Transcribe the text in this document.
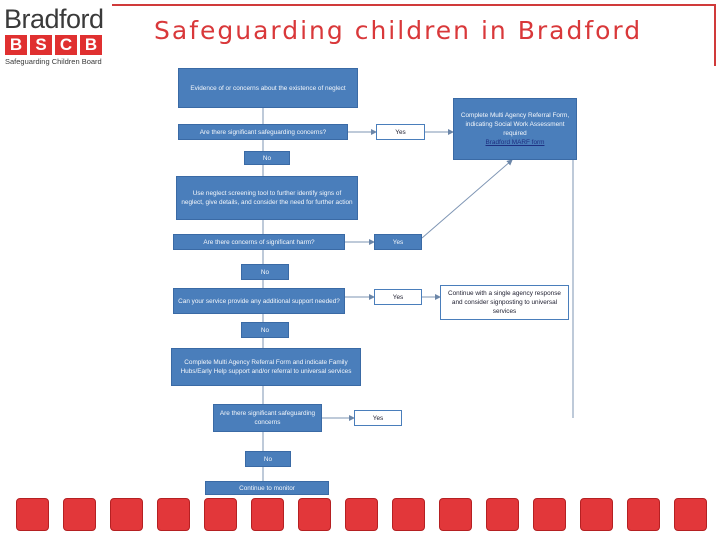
Bradford
B S C B
Safeguarding Children Board
Safeguarding children in Bradford
Evidence of or concerns about the existence of neglect
Are there significant safeguarding concerns?	Yes
Complete Multi Agency Referral Form, indicating Social Work Assessment required
Bradford MARF form
No
Use neglect screening tool to further identify signs of neglect, give details, and consider the need for further action
Are there concerns of significant harm?	Yes
No
Can your service provide any additional support needed?
Yes	Continue with a single agency response and consider signposting to universal services
No
Complete Multi Agency Referral Form and indicate Family Hubs/Early Help support and/or referral to universal services
Are there significant safeguarding concerns
Yes
No
Continue to monitor
